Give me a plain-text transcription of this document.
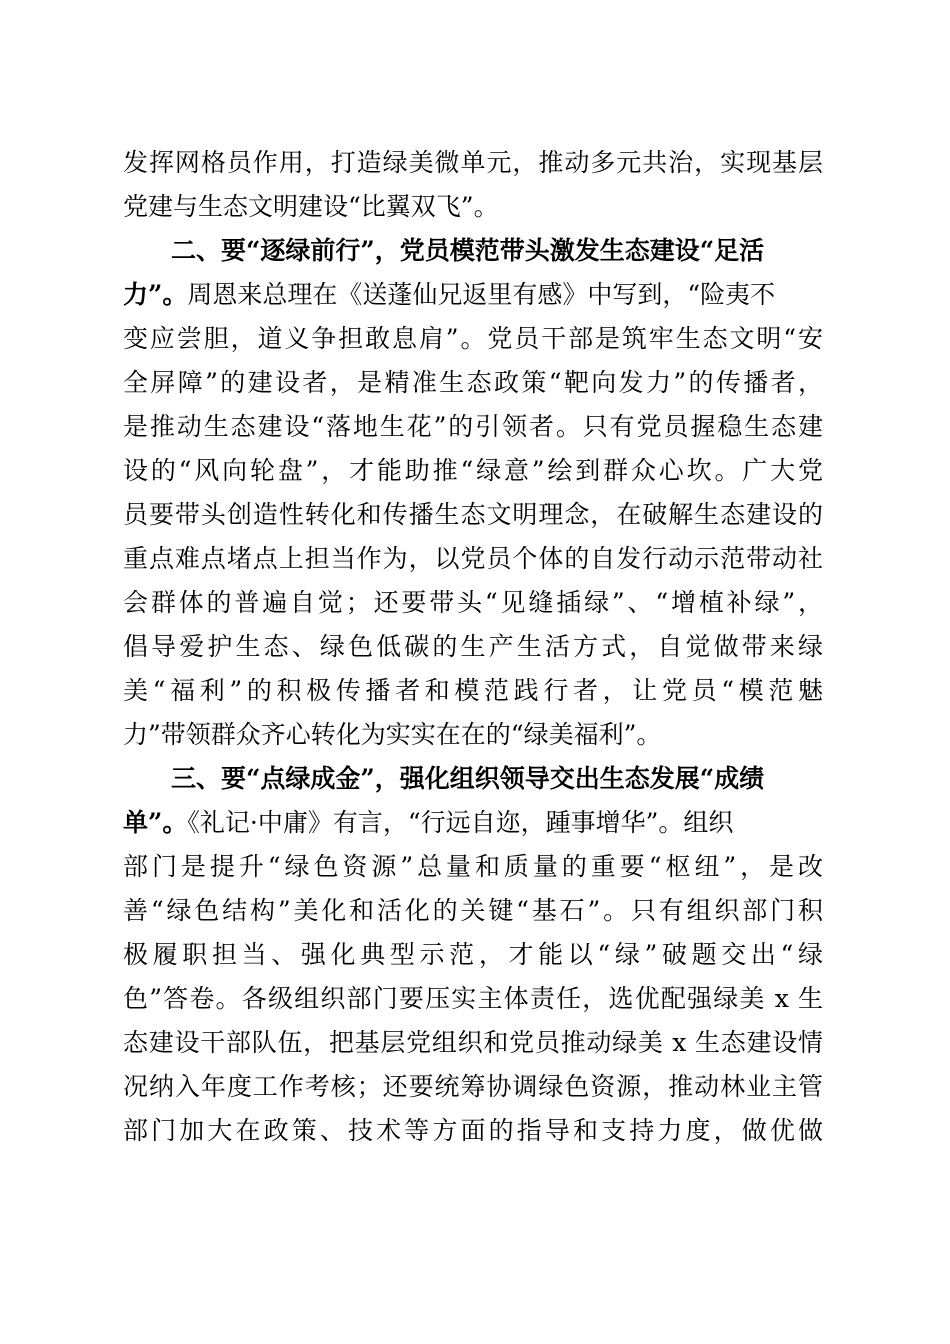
发挥网格员作用，打造绿美微单元，推动多元共治，实现基层
党建与生态文明建设“比翼双飞”。
二、要“逐绿前行”，党员模范带头激发生态建设“足活
力”。周恩来总理在《送蓬仙兄返里有感》中写到，“险夷不
变应尝胆，道义争担敢息肩”。党员干部是筑牢生态文明“安
全屏障”的建设者，是精准生态政策“靶向发力”的传播者，
是推动生态建设“落地生花”的引领者。只有党员握稳生态建
设的“风向轮盘”，才能助推“绿意”绘到群众心坎。广大党
员要带头创造性转化和传播生态文明理念，在破解生态建设的
重点难点堵点上担当作为，以党员个体的自发行动示范带动社
会群体的普遍自觉；还要带头“见缝插绿”、“增植补绿”，
倡导爱护生态、绿色低碳的生产生活方式，自觉做带来绿
美“福利”的积极传播者和模范践行者，让党员“模范魅
力”带领群众齐心转化为实实在在的“绿美福利”。
三、要“点绿成金”，强化组织领导交出生态发展“成绩
单”。《礼记·中庸》有言，“行远自迩，踵事增华”。组织
部门是提升“绿色资源”总量和质量的重要“枢纽”，是改
善“绿色结构”美化和活化的关键“基石”。只有组织部门积
极履职担当、强化典型示范，才能以“绿”破题交出“绿
色”答卷。各级组织部门要压实主体责任，选优配强绿美 x 生
态建设干部队伍，把基层党组织和党员推动绿美 x 生态建设情
况纳入年度工作考核；还要统筹协调绿色资源，推动林业主管
部门加大在政策、技术等方面的指导和支持力度，做优做
